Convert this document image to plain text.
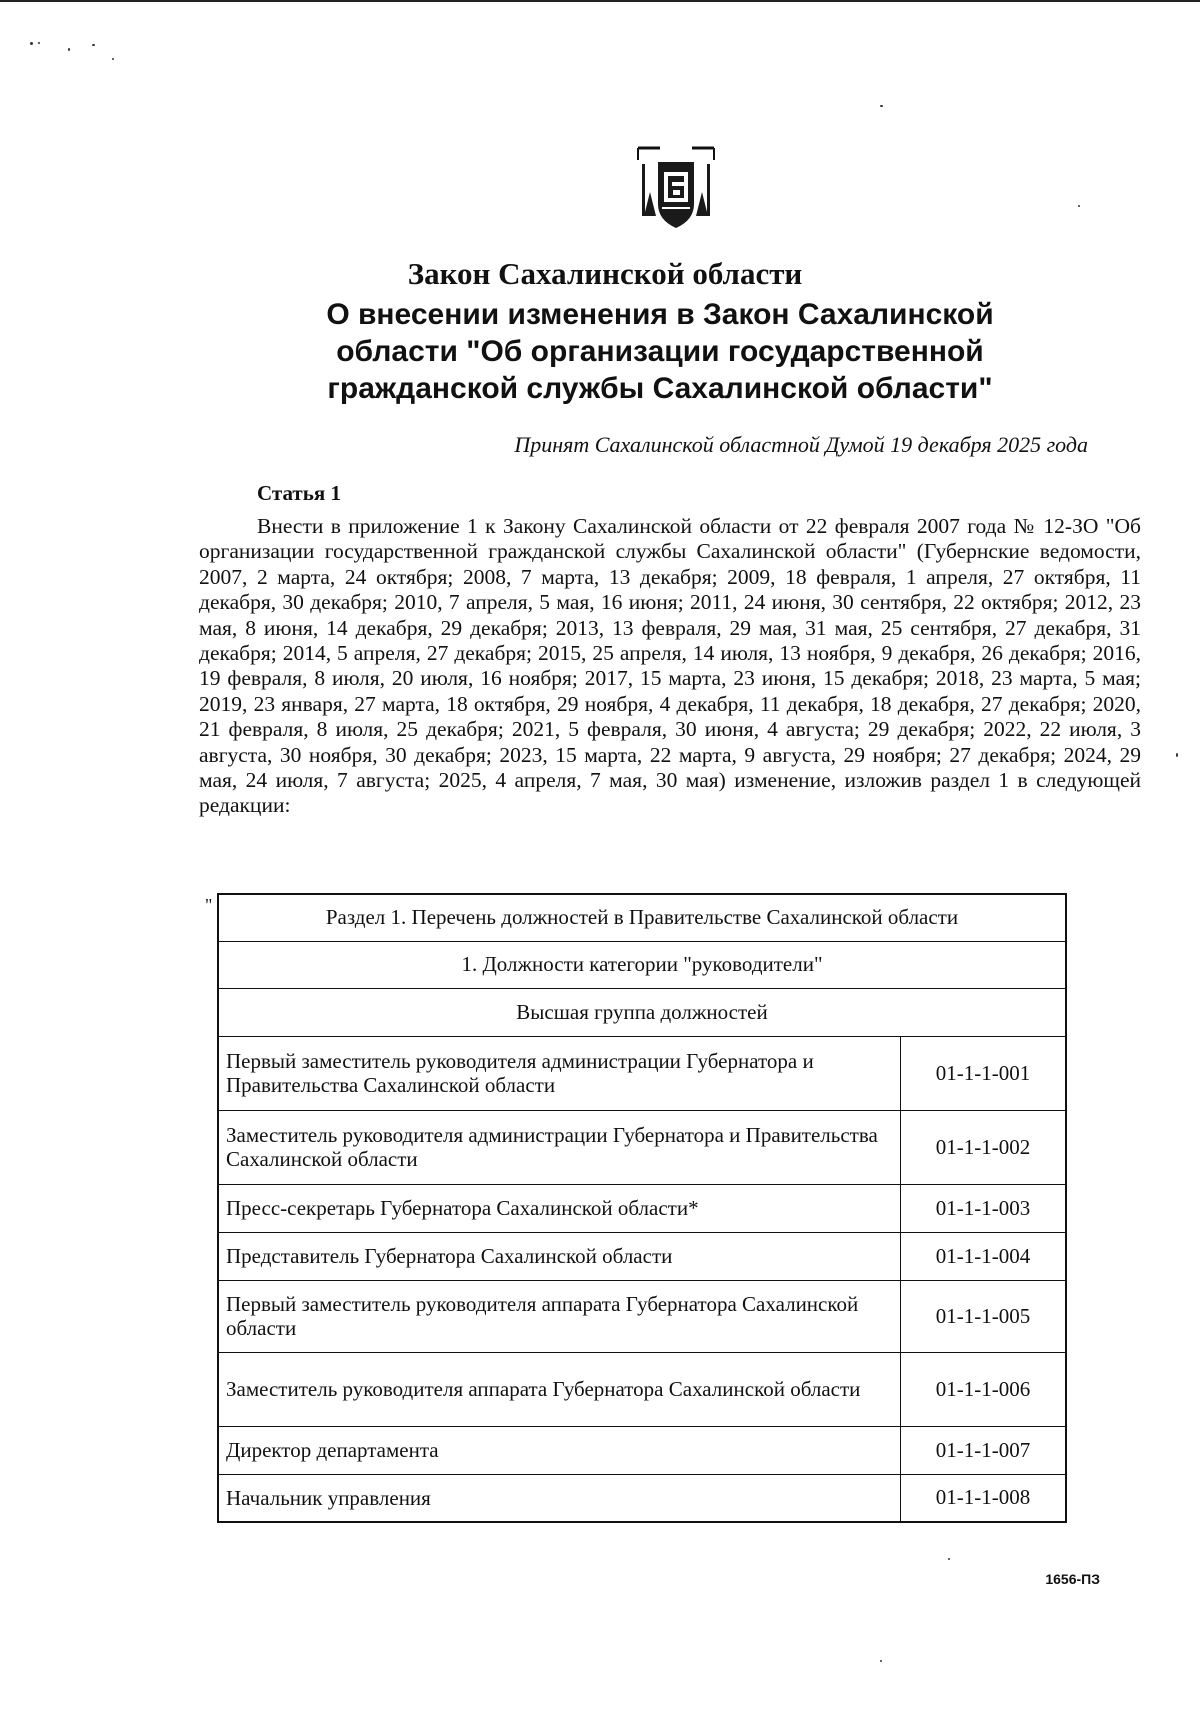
Закон Сахалинской области
О внесении изменения в Закон Сахалинской
области "Об организации государственной
гражданской службы Сахалинской области"
Принят Сахалинской областной Думой 19 декабря 2025 года
Статья 1
Внести в приложение 1 к Закону Сахалинской области от 22 февраля 2007 года № 12-ЗО "Об организации государственной гражданской службы Сахалинской области" (Губернские ведомости, 2007, 2 марта, 24 октября; 2008, 7 марта, 13 декабря; 2009, 18 февраля, 1 апреля, 27 октября, 11 декабря, 30 декабря; 2010, 7 апреля, 5 мая, 16 июня; 2011, 24 июня, 30 сентября, 22 октября; 2012, 23 мая, 8 июня, 14 декабря, 29 декабря; 2013, 13 февраля, 29 мая, 31 мая, 25 сентября, 27 декабря, 31 декабря; 2014, 5 апреля, 27 декабря; 2015, 25 апреля, 14 июля, 13 ноября, 9 декабря, 26 декабря; 2016, 19 февраля, 8 июля, 20 июля, 16 ноября; 2017, 15 марта, 23 июня, 15 декабря; 2018, 23 марта, 5 мая; 2019, 23 января, 27 марта, 18 октября, 29 ноября, 4 декабря, 11 декабря, 18 декабря, 27 декабря; 2020, 21 февраля, 8 июля, 25 декабря; 2021, 5 февраля, 30 июня, 4 августа; 29 декабря; 2022, 22 июля, 3 августа, 30 ноября, 30 декабря; 2023, 15 марта, 22 марта, 9 августа, 29 ноября; 27 декабря; 2024, 29 мая, 24 июля, 7 августа; 2025, 4 апреля, 7 мая, 30 мая) изменение, изложив раздел 1 в следующей редакции:
"
Раздел 1. Перечень должностей в Правительстве Сахалинской области	
1. Должности категории "руководители"	
Высшая группа должностей	
Первый заместитель руководителя администрации Губернатора и Правительства Сахалинской области	01-1-1-001
Заместитель руководителя администрации Губернатора и Правительства Сахалинской области	01-1-1-002
Пресс-секретарь Губернатора Сахалинской области*	01-1-1-003
Представитель Губернатора Сахалинской области	01-1-1-004
Первый заместитель руководителя аппарата Губернатора Сахалинской области	01-1-1-005
Заместитель руководителя аппарата Губернатора Сахалинской области	01-1-1-006
Директор департамента	01-1-1-007
Начальник управления	01-1-1-008
1656-ПЗ
